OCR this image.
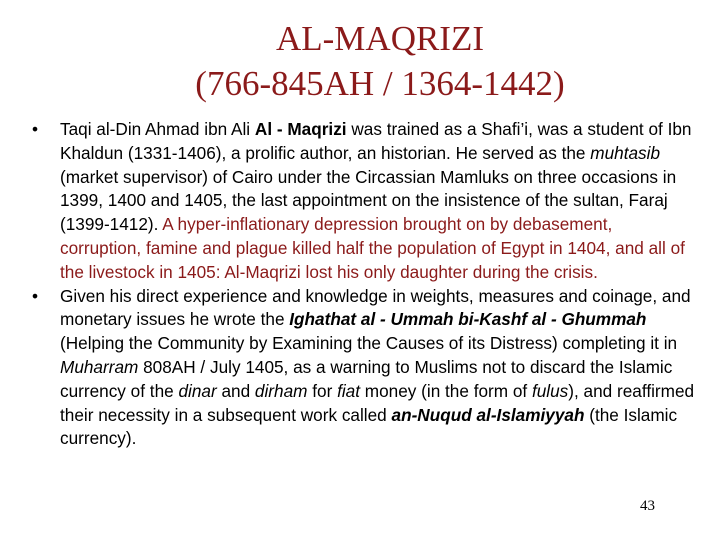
AL-MAQRIZI
(766-845AH / 1364-1442)
• Taqi al-Din Ahmad ibn Ali Al - Maqrizi was trained as a Shafi’i, was a student of Ibn Khaldun (1331-1406), a prolific author, an historian. He served as the muhtasib (market supervisor) of Cairo under the Circassian Mamluks on three occasions in 1399, 1400 and 1405, the last appointment on the insistence of the sultan, Faraj (1399-1412). A hyper-inflationary depression brought on by debasement, corruption, famine and plague killed half the population of Egypt in 1404, and all of the livestock in 1405: Al-Maqrizi lost his only daughter during the crisis.
• Given his direct experience and knowledge in weights, measures and coinage, and monetary issues he wrote the Ighathat al - Ummah bi-Kashf al - Ghummah (Helping the Community by Examining the Causes of its Distress) completing it in Muharram 808AH / July 1405, as a warning to Muslims not to discard the Islamic currency of the dinar and dirham for fiat money (in the form of fulus), and reaffirmed their necessity in a subsequent work called an-Nuqud al-Islamiyyah (the Islamic currency).
43
